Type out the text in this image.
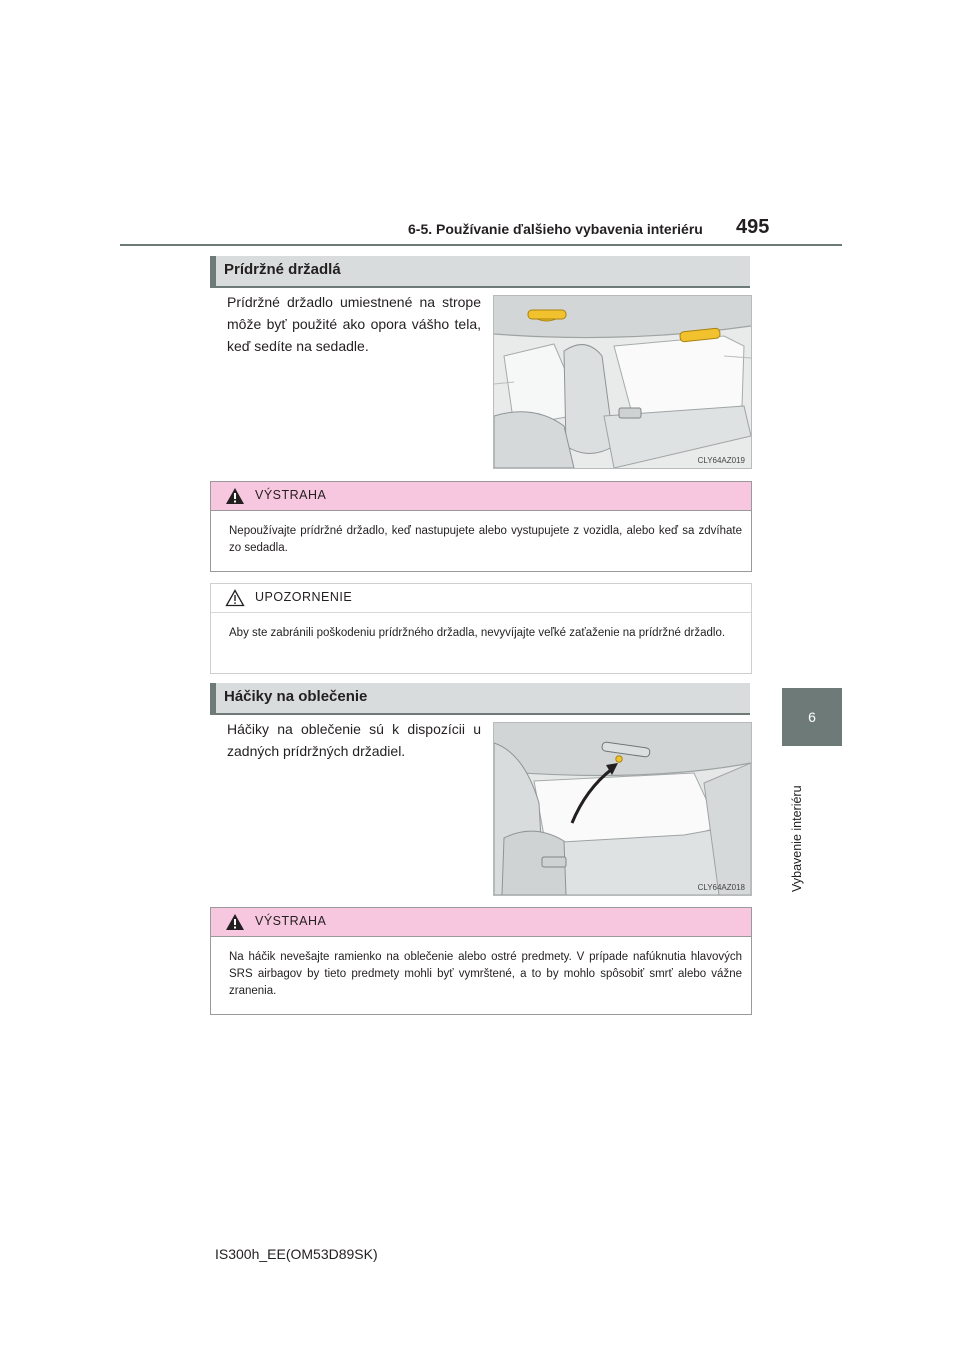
6-5. Používanie ďalšieho vybavenia interiéru 495
6
Vybavenie interiéru
Prídržné držadlá
Prídržné držadlo umiestnené na strope môže byť použité ako opora vášho tela, keď sedíte na sedadle.
CLY64AZ019
VÝSTRAHA
Nepoužívajte prídržné držadlo, keď nastupujete alebo vystupujete z vozidla, alebo keď sa zdvíhate zo sedadla.
UPOZORNENIE
Aby ste zabránili poškodeniu prídržného držadla, nevyvíjajte veľké zaťaženie na prídržné držadlo.
Háčiky na oblečenie
Háčiky na oblečenie sú k dispozícii u zadných prídržných držadiel.
CLY64AZ018
VÝSTRAHA
Na háčik nevešajte ramienko na oblečenie alebo ostré predmety. V prípade nafúknutia hlavových SRS airbagov by tieto predmety mohli byť vymrštené, a to by mohlo spôsobiť smrť alebo vážne zranenia.
IS300h_EE(OM53D89SK)
